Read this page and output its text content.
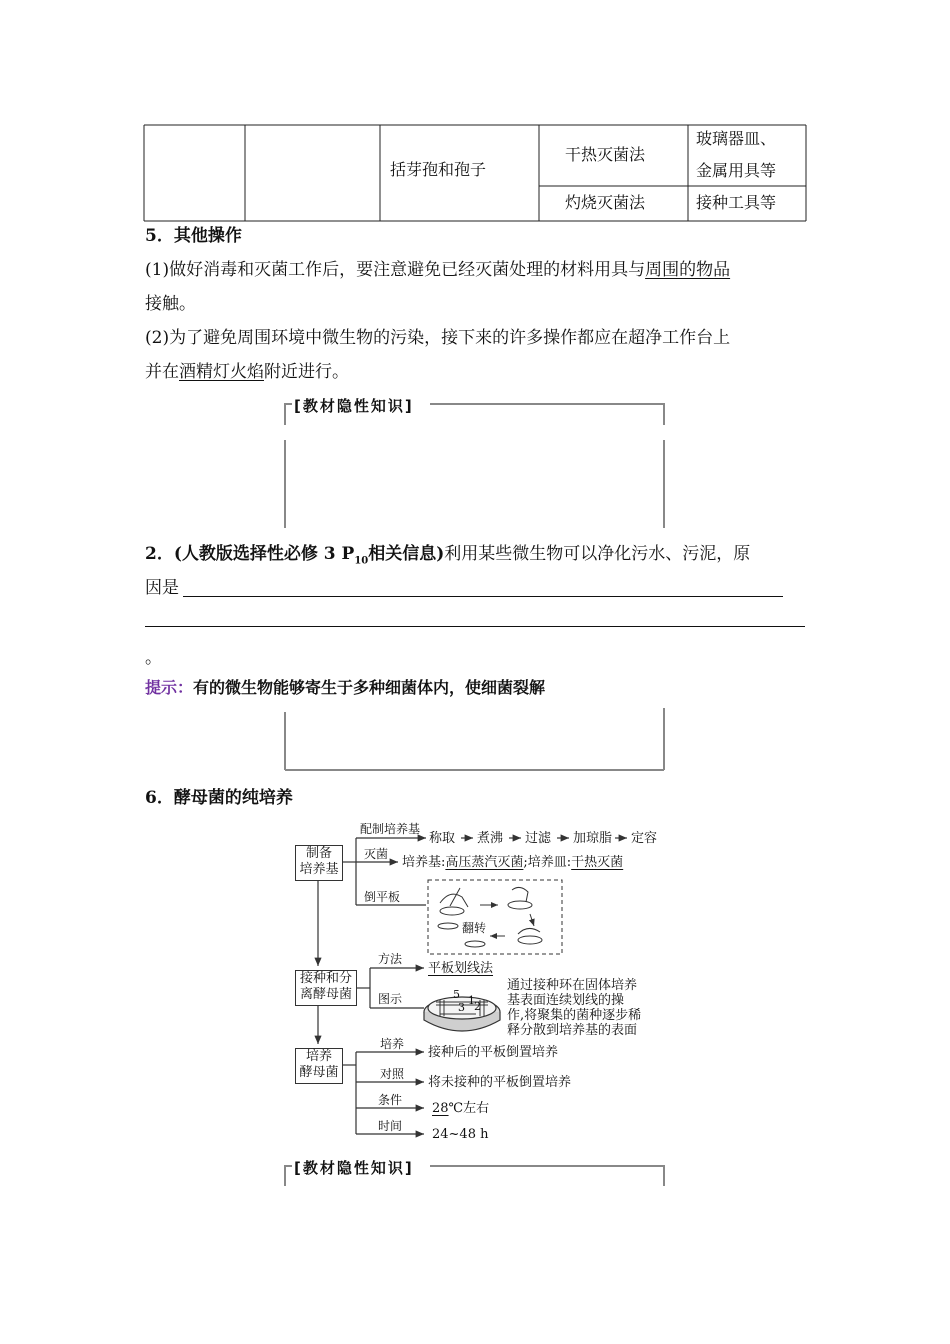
括芽孢和孢子
干热灭菌法
玻璃器皿、
金属用具等
灼烧灭菌法	接种工具等
5．其他操作
(1)做好消毒和灭菌工作后，要注意避免已经灭菌处理的材料用具与周围的物品
接触。
(2)为了避免周围环境中微生物的污染，接下来的许多操作都应在超净工作台上
并在酒精灯火焰附近进行。
[教材隐性知识]
2．(人教版选择性必修 3 $P_{10}$相关信息)利用某些微生物可以净化污水、污泥，原
因是
。
提示：有的微生物能够寄生于多种细菌体内，使细菌裂解
6．酵母菌的纯培养
制备
培养基
接种和分
离酵母菌
培养
酵母菌
配制培养基
称取 煮沸 过滤 加琼脂 定容
灭菌
培养基:高压蒸汽灭菌;培养皿:干热灭菌
倒平板
翻转
方法
平板划线法
图示	5 1
3 2
通过接种环在固体培养
基表面连续划线的操
作,将聚集的菌种逐步稀
释分散到培养基的表面
培养
接种后的平板倒置培养
对照
将未接种的平板倒置培养
条件
28℃左右
时间
24~48 h
[教材隐性知识]
